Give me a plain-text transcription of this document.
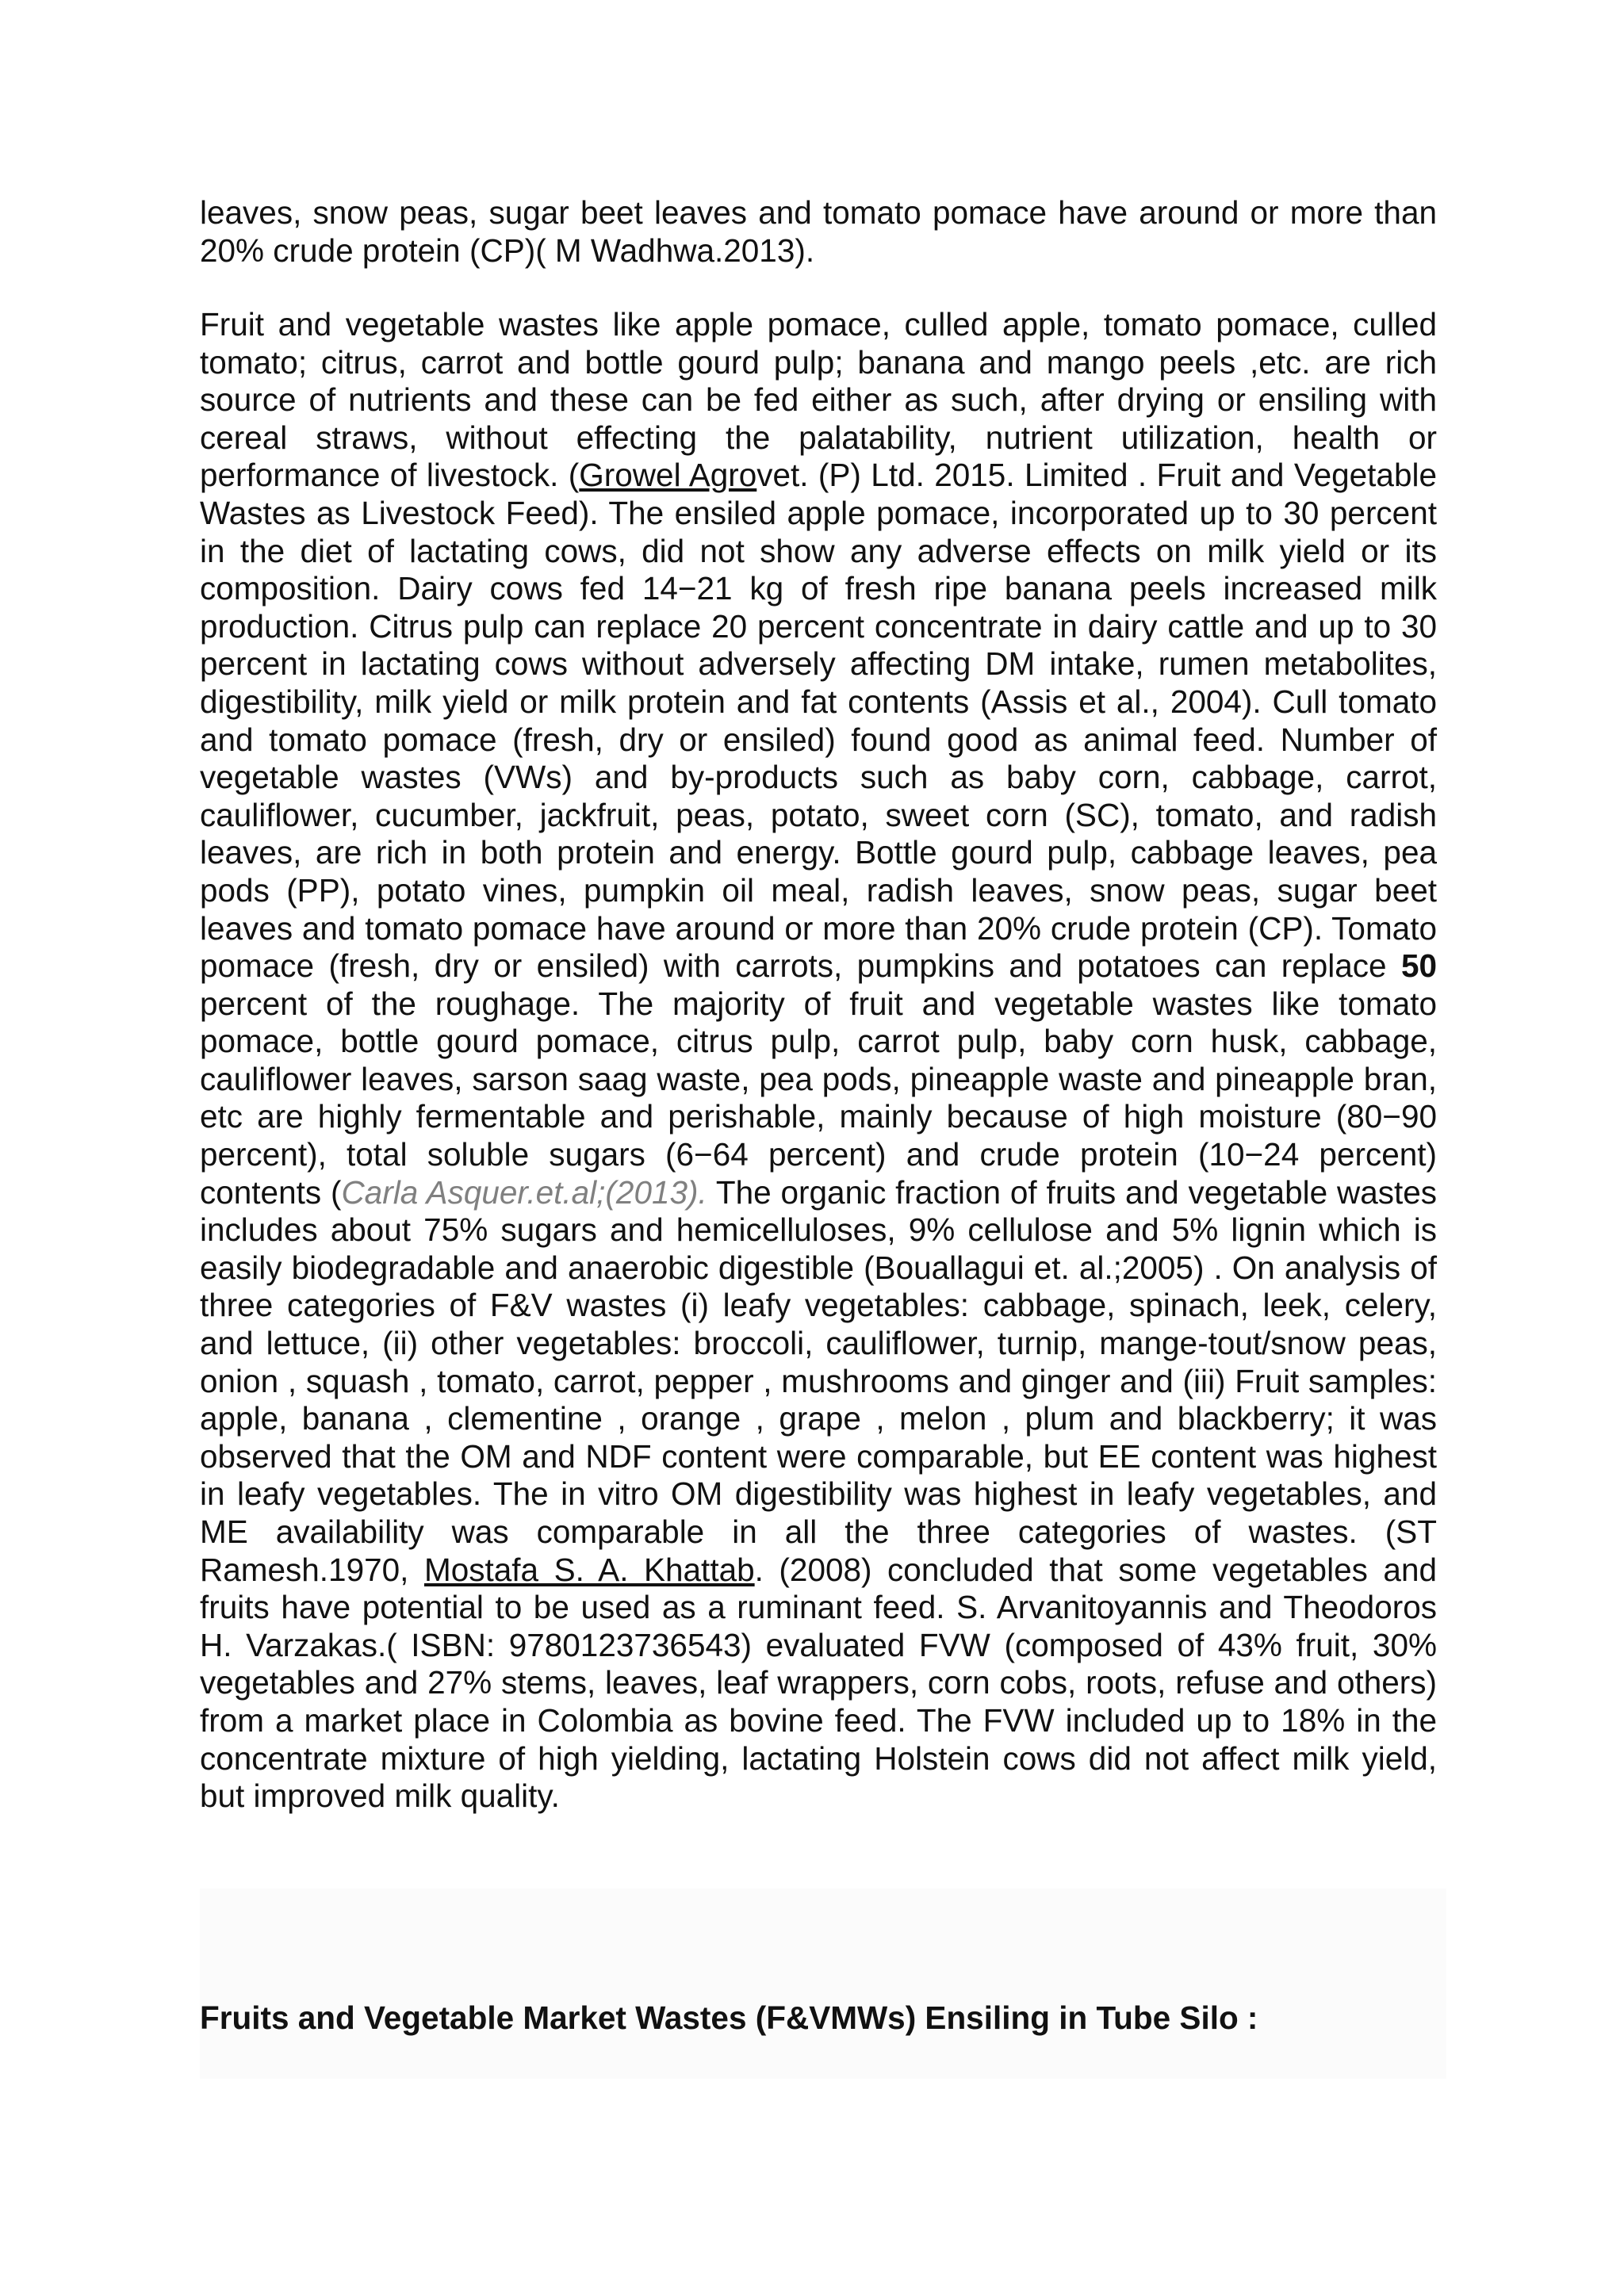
leaves, snow peas, sugar beet leaves and tomato pomace have around or more than 20% crude protein (CP)( M Wadhwa.2013).

Fruit and vegetable wastes like apple pomace, culled apple, tomato pomace, culled tomato; citrus, carrot and bottle gourd pulp; banana and mango peels ,etc. are rich source of nutrients and these can be fed either as such, after drying or ensiling with cereal straws, without effecting the palatability, nutrient utilization, health or performance of livestock. (Growel Agrovet. (P) Ltd. 2015. Limited . Fruit and Vegetable Wastes as Livestock Feed). The ensiled apple pomace, incorporated up to 30 percent in the diet of lactating cows, did not show any adverse effects on milk yield or its composition. Dairy cows fed 14−21 kg of fresh ripe banana peels increased milk production. Citrus pulp can replace 20 percent concentrate in dairy cattle and up to 30 percent in lactating cows without adversely affecting DM intake, rumen metabolites, digestibility, milk yield or milk protein and fat contents (Assis et al., 2004). Cull tomato and tomato pomace (fresh, dry or ensiled) found good as animal feed. Number of vegetable wastes (VWs) and by-products such as baby corn, cabbage, carrot, cauliflower, cucumber, jackfruit, peas, potato, sweet corn (SC), tomato, and radish leaves, are rich in both protein and energy. Bottle gourd pulp, cabbage leaves, pea pods (PP), potato vines, pumpkin oil meal, radish leaves, snow peas, sugar beet leaves and tomato pomace have around or more than 20% crude protein (CP). Tomato pomace (fresh, dry or ensiled) with carrots, pumpkins and potatoes can replace 50 percent of the roughage. The majority of fruit and vegetable wastes like tomato pomace, bottle gourd pomace, citrus pulp, carrot pulp, baby corn husk, cabbage, cauliflower leaves, sarson saag waste, pea pods, pineapple waste and pineapple bran, etc are highly fermentable and perishable, mainly because of high moisture (80−90 percent), total soluble sugars (6−64 percent) and crude protein (10−24 percent) contents (Carla Asquer.et.al;(2013). The organic fraction of fruits and vegetable wastes includes about 75% sugars and hemicelluloses, 9% cellulose and 5% lignin which is easily biodegradable and anaerobic digestible (Bouallagui et. al.;2005) . On analysis of three categories of F&V wastes (i) leafy vegetables: cabbage, spinach, leek, celery, and lettuce, (ii) other vegetables: broccoli, cauliflower, turnip, mange-tout/snow peas, onion , squash , tomato, carrot, pepper , mushrooms and ginger and (iii) Fruit samples: apple, banana , clementine , orange , grape , melon , plum and blackberry; it was observed that the OM and NDF content were comparable, but EE content was highest in leafy vegetables. The in vitro OM digestibility was highest in leafy vegetables, and ME availability was comparable in all the three categories of wastes. (ST Ramesh.1970, Mostafa S. A. Khattab. (2008) concluded that some vegetables and fruits have potential to be used as a ruminant feed. S. Arvanitoyannis and Theodoros H. Varzakas.( ISBN: 9780123736543) evaluated FVW (composed of 43% fruit, 30% vegetables and 27% stems, leaves, leaf wrappers, corn cobs, roots, refuse and others) from a market place in Colombia as bovine feed. The FVW included up to 18% in the concentrate mixture of high yielding, lactating Holstein cows did not affect milk yield, but improved milk quality.

Fruits and Vegetable Market Wastes (F&VMWs) Ensiling in Tube Silo :
